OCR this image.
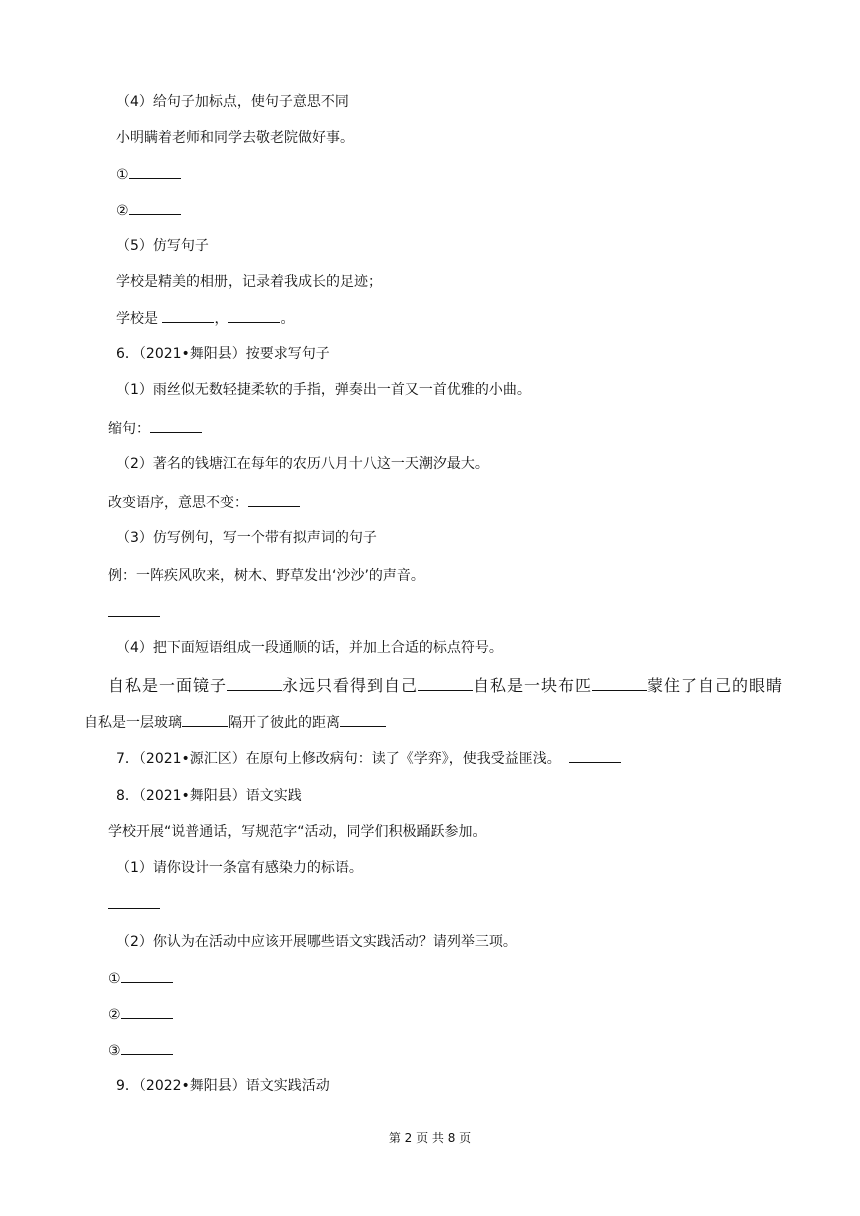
（4）给句子加标点，使句子意思不同
小明瞒着老师和同学去敬老院做好事。
①
②
（5）仿写句子
学校是精美的相册，记录着我成长的足迹；
学校是	，	。
6．（2021•舞阳县）按要求写句子
（1）雨丝似无数轻捷柔软的手指，弹奏出一首又一首优雅的小曲。
缩句：
（2）著名的钱塘江在每年的农历八月十八这一天潮汐最大。
改变语序，意思不变：
（3）仿写例句，写一个带有拟声词的句子
例：一阵疾风吹来，树木、野草发出‘沙沙’的声音。
（4）把下面短语组成一段通顺的话，并加上合适的标点符号。
自私是一面镜子	永远只看得到自己	自私是一块布匹	蒙住了自己的眼睛
自私是一层玻璃	隔开了彼此的距离
7．（2021•源汇区）在原句上修改病句：读了《学弈》，使我受益匪浅。
8．（2021•舞阳县）语文实践
学校开展“说普通话，写规范字“活动，同学们积极踊跃参加。
（1）请你设计一条富有感染力的标语。
（2）你认为在活动中应该开展哪些语文实践活动？请列举三项。
①
②
③
9．（2022•舞阳县）语文实践活动
第 2 页 共 8 页
